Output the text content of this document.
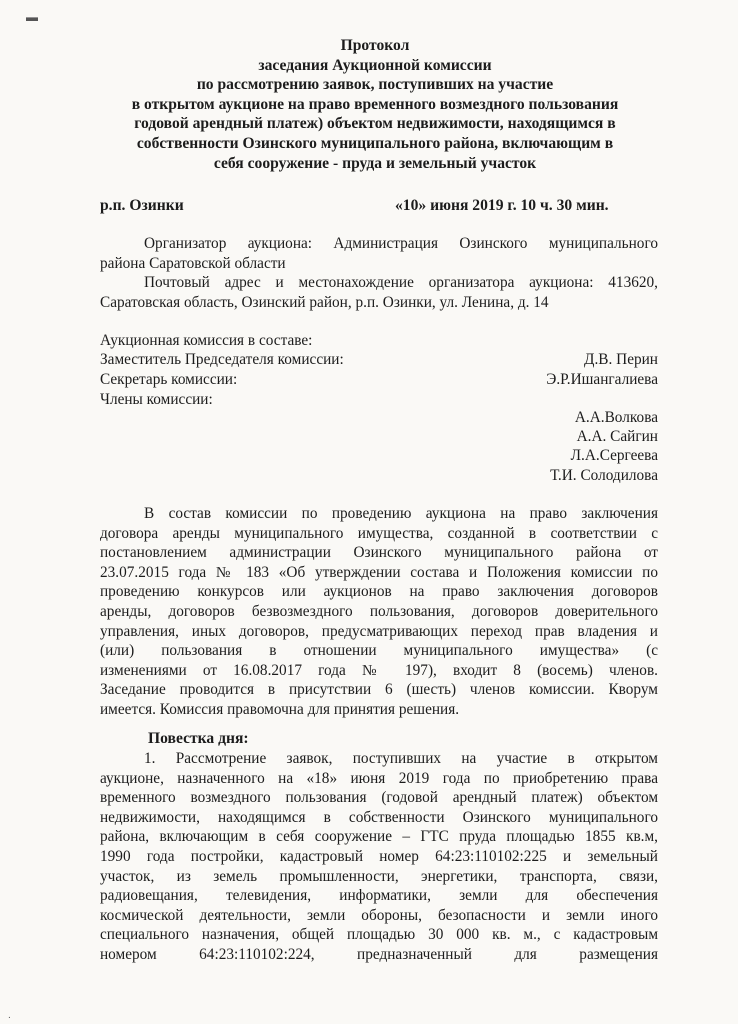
▬
.
Протокол
заседания Аукционной комиссии
по рассмотрению заявок, поступивших на участие
в открытом аукционе на право временного возмездного пользования
годовой арендный платеж) объектом недвижимости, находящимся в
собственности Озинского муниципального района, включающим в
себя сооружение - пруда и земельный участок
р.п. Озинки	«10» июня 2019 г. 10 ч. 30 мин.
Организатор аукциона: Администрация Озинского муниципального
района Саратовской области
Почтовый адрес и местонахождение организатора аукциона: 413620,
Саратовская область, Озинский район, р.п. Озинки, ул. Ленина, д. 14
Аукционная комиссия в составе:
Заместитель Председателя комиссии:	Д.В. Перин
Секретарь комиссии:	Э.Р.Ишангалиева
Члены комиссии:
А.А.Волкова
А.А. Сайгин
Л.А.Сергеева
Т.И. Солодилова
В состав комиссии по проведению аукциона на право заключения
договора аренды муниципального имущества, созданной в соответствии с
постановлением администрации Озинского муниципального района от
23.07.2015 года № 183 «Об утверждении состава и Положения комиссии по
проведению конкурсов или аукционов на право заключения договоров
аренды, договоров безвозмездного пользования, договоров доверительного
управления, иных договоров, предусматривающих переход прав владения и
(или) пользования в отношении муниципального имущества» (с
изменениями от 16.08.2017 года № 197), входит 8 (восемь) членов.
Заседание проводится в присутствии 6 (шесть) членов комиссии. Кворум
имеется. Комиссия правомочна для принятия решения.
Повестка дня:
1. Рассмотрение заявок, поступивших на участие в открытом
аукционе, назначенного на «18» июня 2019 года по приобретению права
временного возмездного пользования (годовой арендный платеж) объектом
недвижимости, находящимся в собственности Озинского муниципального
района, включающим в себя сооружение – ГТС пруда площадью 1855 кв.м,
1990 года постройки, кадастровый номер 64:23:110102:225 и земельный
участок, из земель промышленности, энергетики, транспорта, связи,
радиовещания, телевидения, информатики, земли для обеспечения
космической деятельности, земли обороны, безопасности и земли иного
специального назначения, общей площадью 30 000 кв. м., с кадастровым
номером 64:23:110102:224, предназначенный для размещения
